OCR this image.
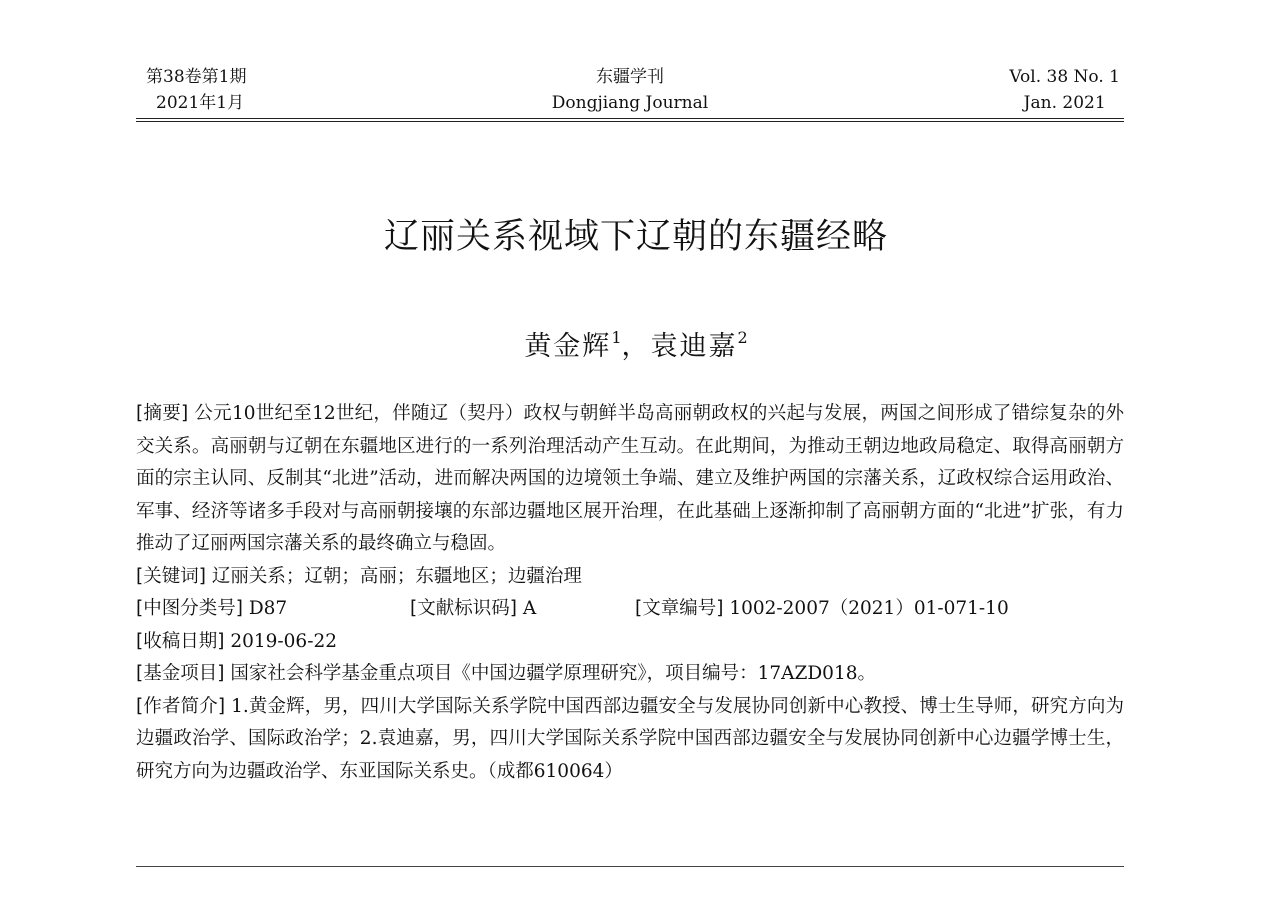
第38卷第1期
2021年1月
东疆学刊
Dongjiang Journal
Vol. 38 No. 1
Jan. 2021
辽丽关系视域下辽朝的东疆经略
黄金辉$^1$，袁迪嘉$^2$

[摘要] 公元10世纪至12世纪，伴随辽（契丹）政权与朝鲜半岛高丽朝政权的兴起与发展，两国之间形成了错综复杂的外交关系。高丽朝与辽朝在东疆地区进行的一系列治理活动产生互动。在此期间，为推动王朝边地政局稳定、取得高丽朝方面的宗主认同、反制其“北进”活动，进而解决两国的边境领土争端、建立及维护两国的宗藩关系，辽政权综合运用政治、军事、经济等诸多手段对与高丽朝接壤的东部边疆地区展开治理，在此基础上逐渐抑制了高丽朝方面的“北进”扩张，有力推动了辽丽两国宗藩关系的最终确立与稳固。

[关键词] 辽丽关系；辽朝；高丽；东疆地区；边疆治理

[中图分类号] D87	[文献标识码] A	[文章编号] 1002-2007（2021）01-071-10

[收稿日期] 2019-06-22

[基金项目] 国家社会科学基金重点项目《中国边疆学原理研究》，项目编号：17AZD018。

[作者简介] 1.黄金辉，男，四川大学国际关系学院中国西部边疆安全与发展协同创新中心教授、博士生导师，研究方向为边疆政治学、国际政治学；2.袁迪嘉，男，四川大学国际关系学院中国西部边疆安全与发展协同创新中心边疆学博士生，研究方向为边疆政治学、东亚国际关系史。（成都610064）
